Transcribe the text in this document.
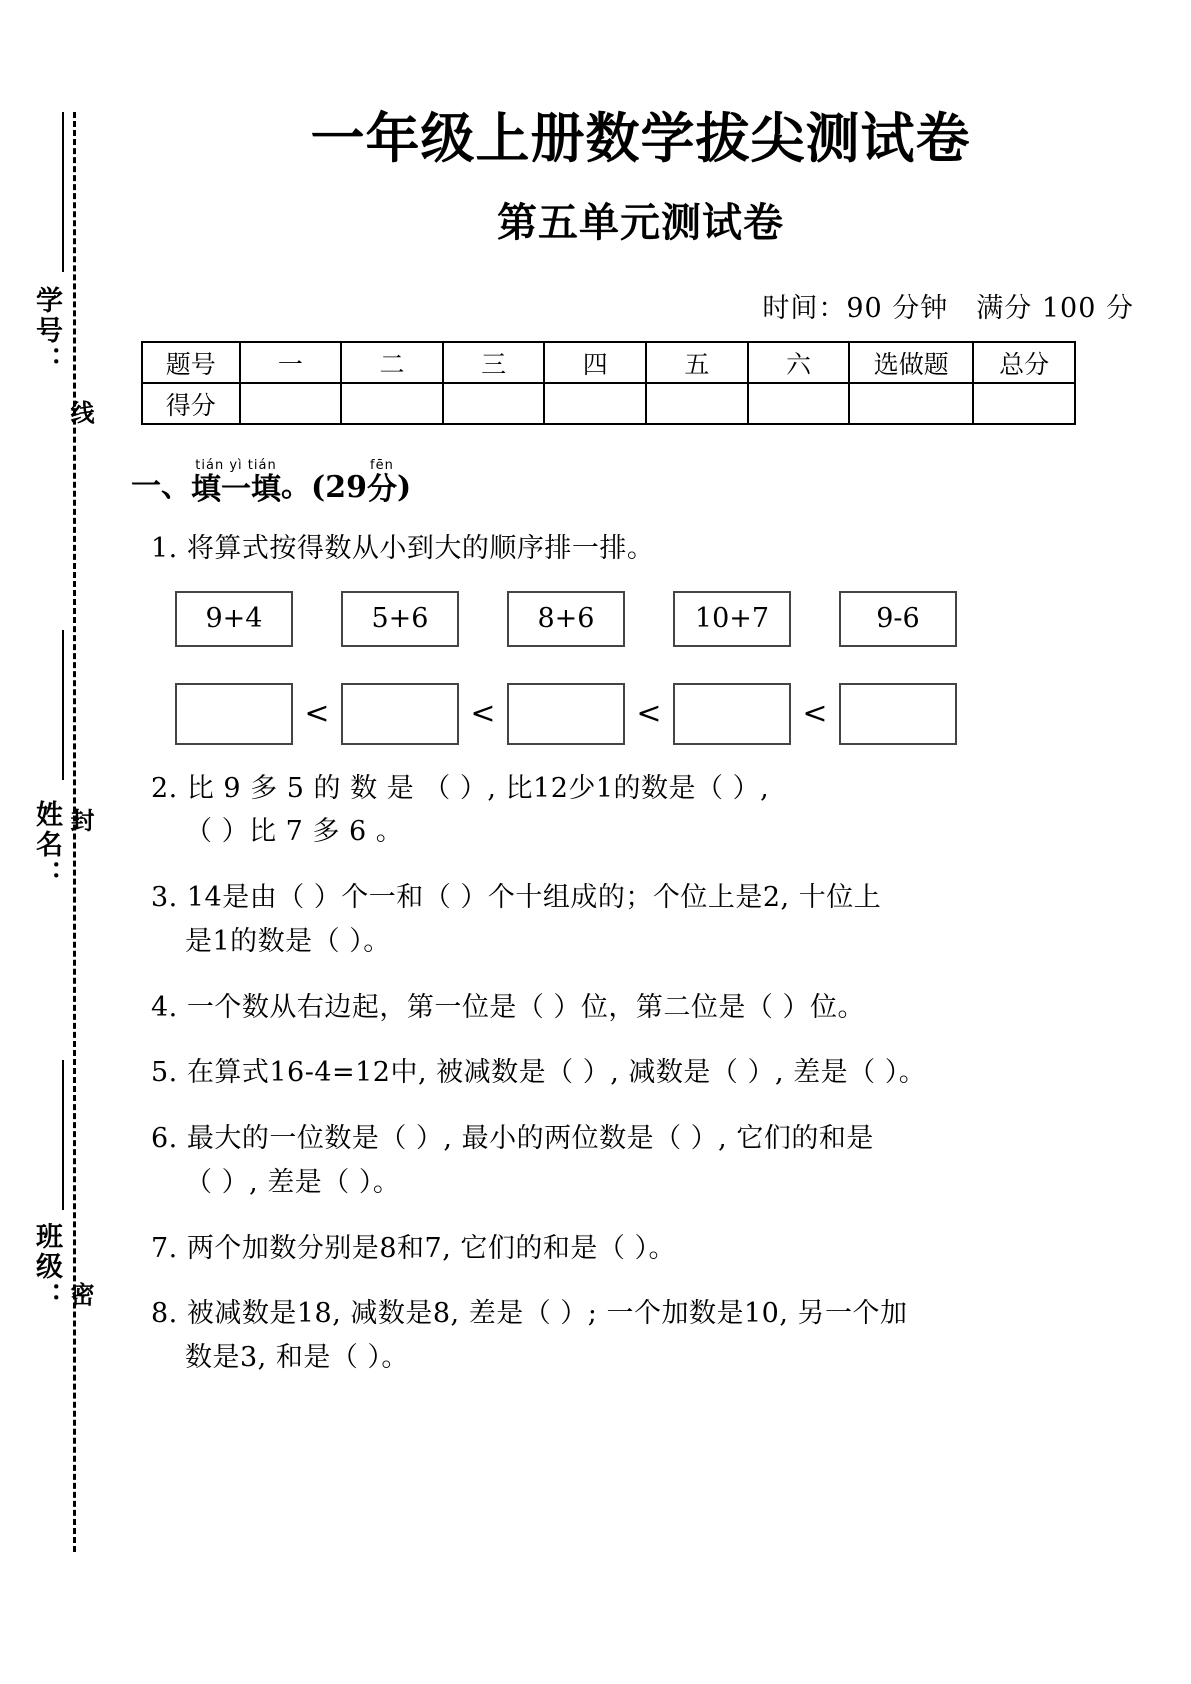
学号：
线
姓名： 封
班级： 密
一年级上册数学拔尖测试卷
第五单元测试卷
时间：90 分钟 满分 100 分
题号	一	二	三	四	五	六	选做题	总分
得分								
一、
tián yì tián
填一填 。 (29
fēn
分 )
1. 将算式按得数从小到大的顺序排一排。
9+4	5+6	8+6	10+7	9-6
<	<	<	<
2. 比 9 多 5 的 数 是 （ ）, 比12少1的数是（ ）,
（ ）比 7 多 6 。
3. 14是由（ ）个一和（ ）个十组成的；个位上是2, 十位上
是1的数是（ ）。
4. 一个数从右边起，第一位是（ ）位，第二位是（ ）位。
5. 在算式16-4=12中, 被减数是（ ）, 减数是（ ）, 差是（ ）。
6. 最大的一位数是（ ）, 最小的两位数是（ ）, 它们的和是
（ ）, 差是（ ）。
7. 两个加数分别是8和7, 它们的和是（ ）。
8. 被减数是18, 减数是8, 差是（ ）; 一个加数是10, 另一个加
数是3, 和是（ ）。
